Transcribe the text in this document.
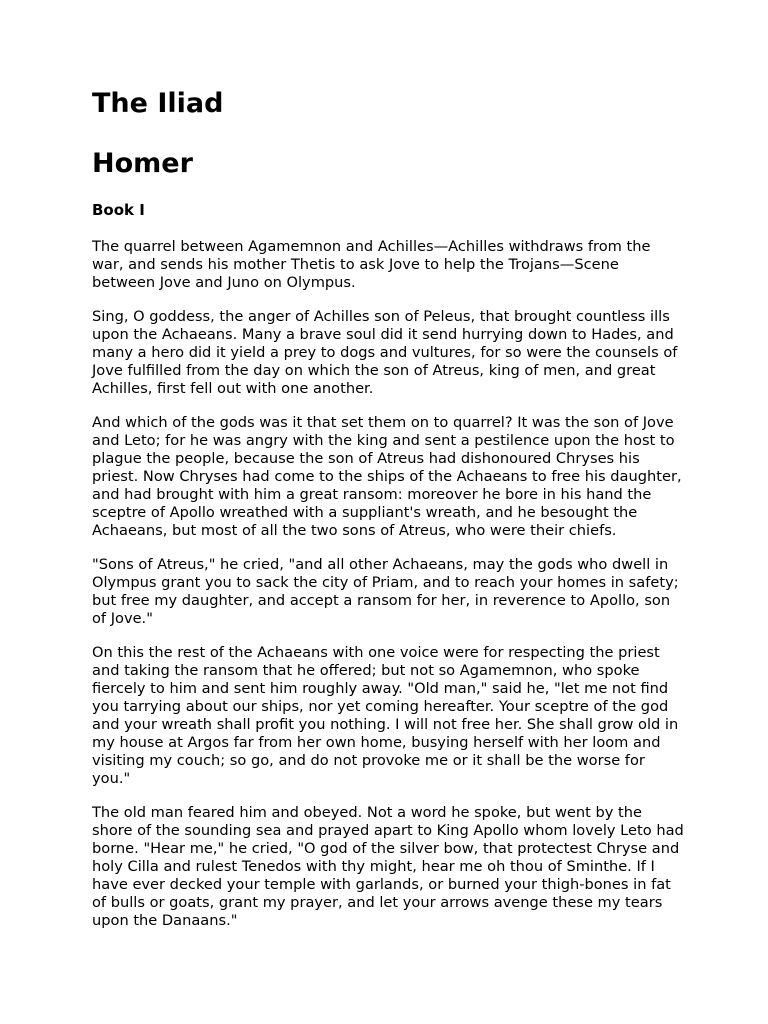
The Iliad
Homer
Book I

The quarrel between Agamemnon and Achilles—Achilles withdraws from the war, and sends his mother Thetis to ask Jove to help the Trojans—Scene between Jove and Juno on Olympus.

Sing, O goddess, the anger of Achilles son of Peleus, that brought countless ills upon the Achaeans. Many a brave soul did it send hurrying down to Hades, and many a hero did it yield a prey to dogs and vultures, for so were the counsels of Jove fulfilled from the day on which the son of Atreus, king of men, and great Achilles, first fell out with one another.

And which of the gods was it that set them on to quarrel? It was the son of Jove and Leto; for he was angry with the king and sent a pestilence upon the host to plague the people, because the son of Atreus had dishonoured Chryses his priest. Now Chryses had come to the ships of the Achaeans to free his daughter, and had brought with him a great ransom: moreover he bore in his hand the sceptre of Apollo wreathed with a suppliant's wreath, and he besought the Achaeans, but most of all the two sons of Atreus, who were their chiefs.

"Sons of Atreus," he cried, "and all other Achaeans, may the gods who dwell in Olympus grant you to sack the city of Priam, and to reach your homes in safety; but free my daughter, and accept a ransom for her, in reverence to Apollo, son of Jove."

On this the rest of the Achaeans with one voice were for respecting the priest and taking the ransom that he offered; but not so Agamemnon, who spoke fiercely to him and sent him roughly away. "Old man," said he, "let me not find you tarrying about our ships, nor yet coming hereafter. Your sceptre of the god and your wreath shall profit you nothing. I will not free her. She shall grow old in my house at Argos far from her own home, busying herself with her loom and visiting my couch; so go, and do not provoke me or it shall be the worse for you."

The old man feared him and obeyed. Not a word he spoke, but went by the shore of the sounding sea and prayed apart to King Apollo whom lovely Leto had borne. "Hear me," he cried, "O god of the silver bow, that protectest Chryse and holy Cilla and rulest Tenedos with thy might, hear me oh thou of Sminthe. If I have ever decked your temple with garlands, or burned your thigh-bones in fat of bulls or goats, grant my prayer, and let your arrows avenge these my tears upon the Danaans."
